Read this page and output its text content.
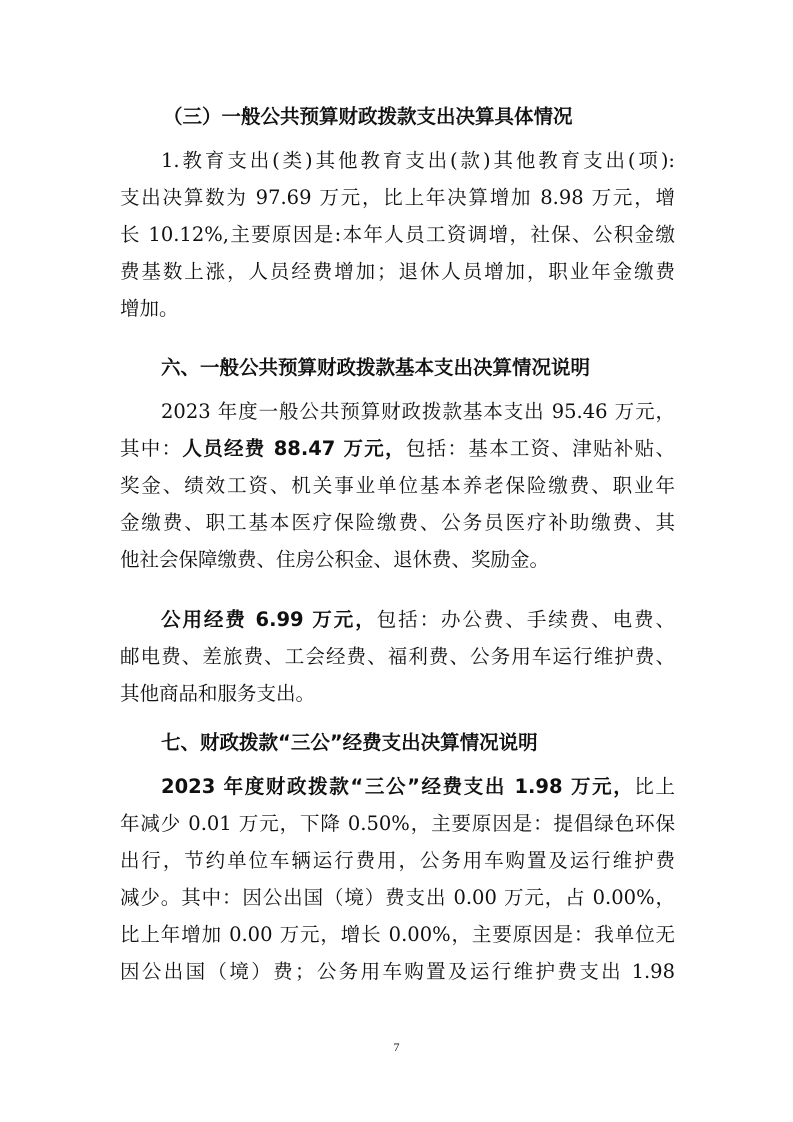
（三）一般公共预算财政拨款支出决算具体情况
1.教育支出(类)其他教育支出(款)其他教育支出(项):
支出决算数为 97.69 万元，比上年决算增加 8.98 万元，增
长 10.12%,主要原因是:本年人员工资调增，社保、公积金缴
费基数上涨，人员经费增加；退休人员增加，职业年金缴费
增加。
六、一般公共预算财政拨款基本支出决算情况说明
2023 年度一般公共预算财政拨款基本支出 95.46 万元，
其中：人员经费 88.47 万元，包括：基本工资、津贴补贴、
奖金、绩效工资、机关事业单位基本养老保险缴费、职业年
金缴费、职工基本医疗保险缴费、公务员医疗补助缴费、其
他社会保障缴费、住房公积金、退休费、奖励金。
公用经费 6.99 万元，包括：办公费、手续费、电费、
邮电费、差旅费、工会经费、福利费、公务用车运行维护费、
其他商品和服务支出。
七、财政拨款“三公”经费支出决算情况说明
2023 年度财政拨款“三公”经费支出 1.98 万元，比上
年减少 0.01 万元，下降 0.50%，主要原因是：提倡绿色环保
出行，节约单位车辆运行费用，公务用车购置及运行维护费
减少。其中：因公出国（境）费支出 0.00 万元，占 0.00%，
比上年增加 0.00 万元，增长 0.00%，主要原因是：我单位无
因公出国（境）费；公务用车购置及运行维护费支出 1.98
7
